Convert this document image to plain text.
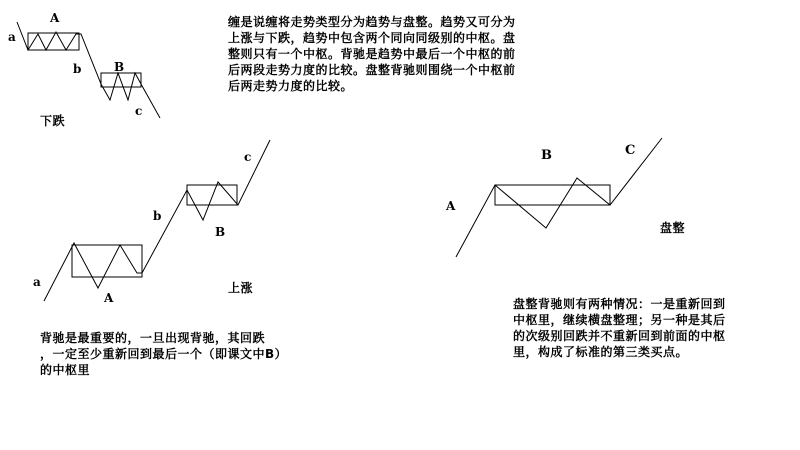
a
A
b	B
c
下跌
缠是说缠将走势类型分为趋势与盘整。趋势又可分为
上涨与下跌，趋势中包含两个同向同级别的中枢。盘
整则只有一个中枢。背驰是趋势中最后一个中枢的前
后两段走势力度的比较。盘整背驰则围绕一个中枢前
后两走势力度的比较。
a
A
b
B
c
上涨
A
B	C
盘整
背驰是最重要的，一旦出现背驰，其回跌
，一定至少重新回到最后一个（即课文中B）
的中枢里
盘整背驰则有两种情况：一是重新回到
中枢里，继续横盘整理；另一种是其后
的次级别回跌并不重新回到前面的中枢
里，构成了标准的第三类买点。
